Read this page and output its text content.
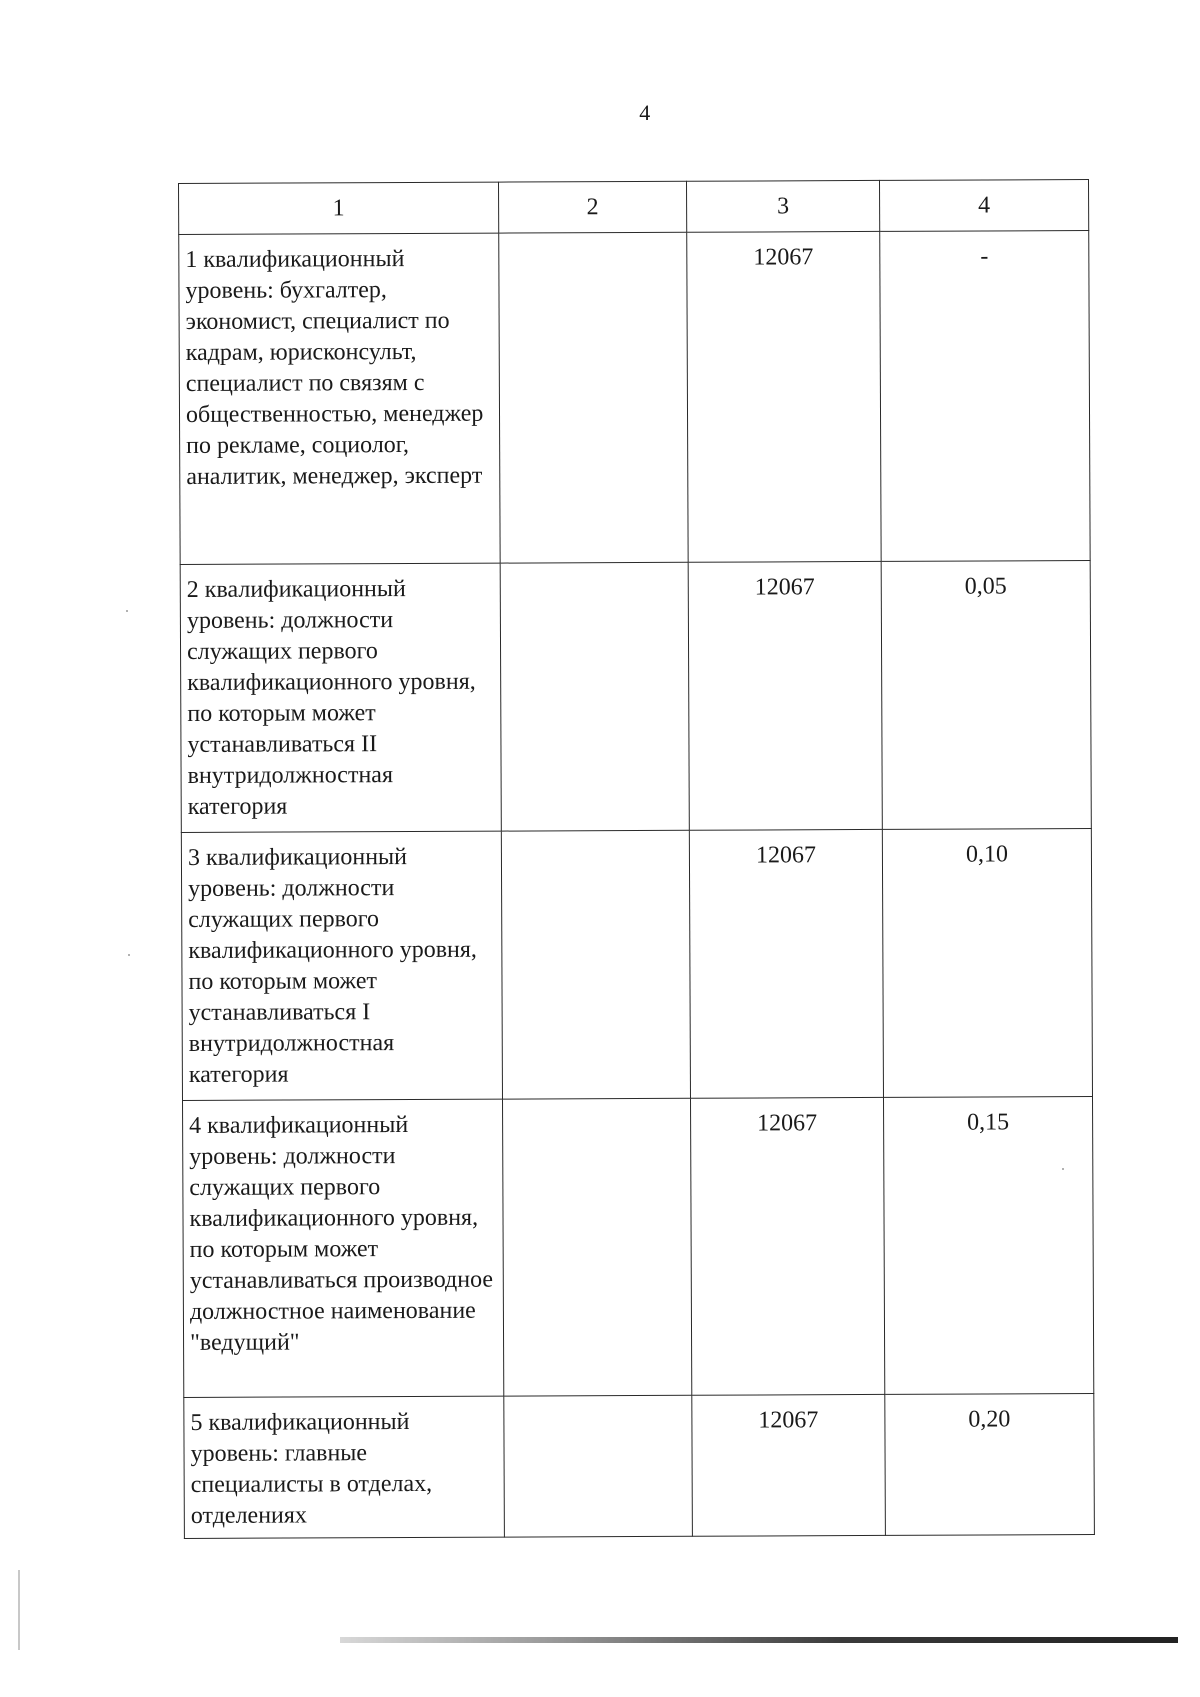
4
1	2	3	4
1 квалификационный уровень: бухгалтер, экономист, специалист по кадрам, юрисконсульт, специалист по связям с общественностью, менеджер по рекламе, социолог, аналитик, менеджер, эксперт		12067	-
2 квалификационный уровень: должности служащих первого квалификационного уровня, по которым может устанавливаться II внутридолжностная категория		12067	0,05
3 квалификационный уровень: должности служащих первого квалификационного уровня, по которым может устанавливаться I внутридолжностная категория		12067	0,10
4 квалификационный уровень: должности служащих первого квалификационного уровня, по которым может устанавливаться производное должностное наименование "ведущий"		12067	0,15
5 квалификационный уровень: главные специалисты в отделах, отделениях		12067	0,20
